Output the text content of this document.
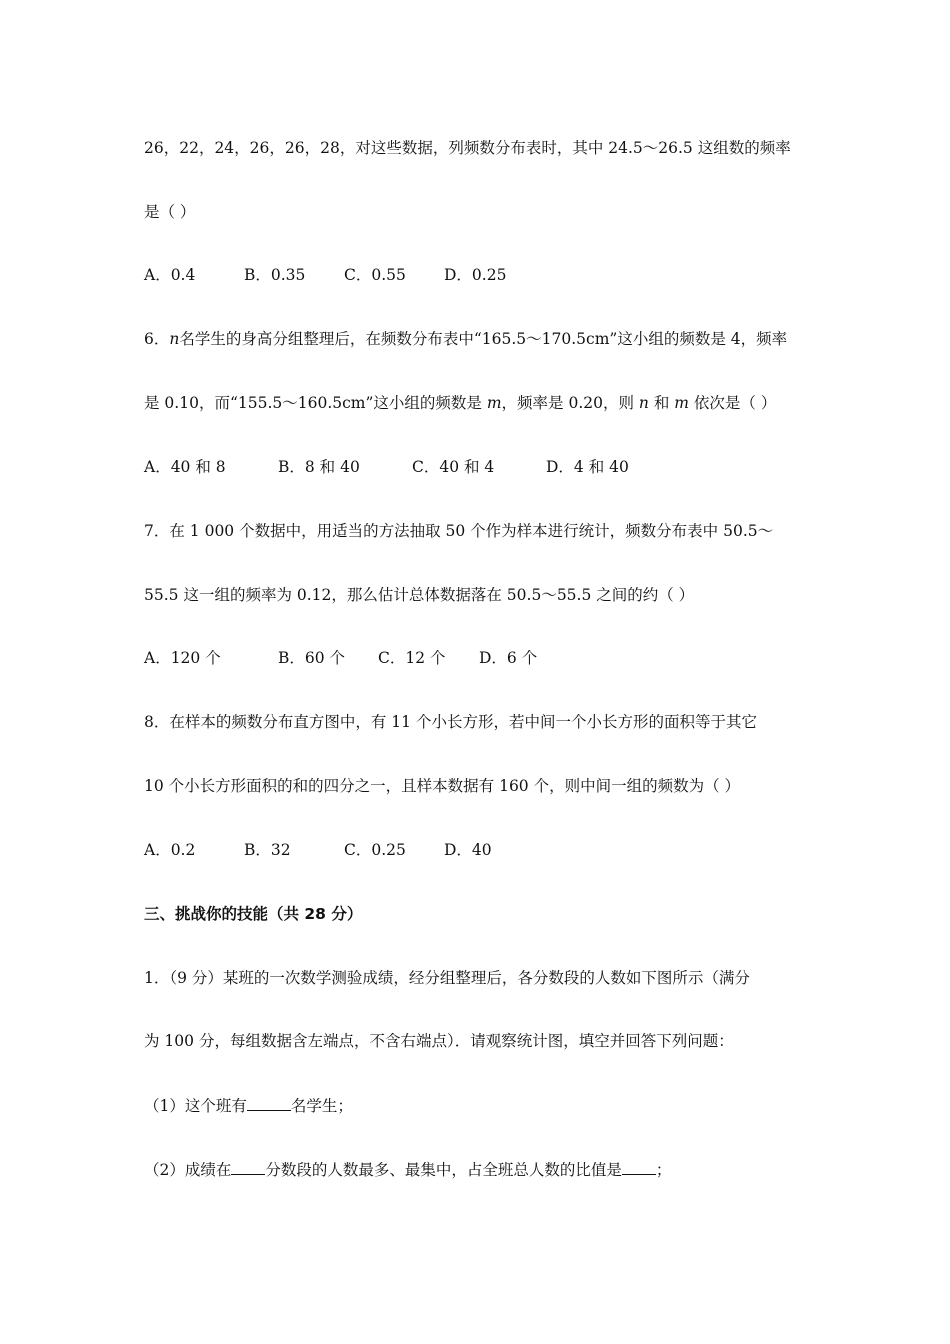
26，22，24，26，26，28，对这些数据，列频数分布表时，其中 24.5～26.5 这组数的频率
是（ ）
A．0.4	B．0.35 C．0.55 D．0.25
6．n名学生的身高分组整理后，在频数分布表中“165.5～170.5cm”这小组的频数是 4，频率
是 0.10，而“155.5～160.5cm”这小组的频数是 m，频率是 0.20，则 n 和 m 依次是（ ）
A．40 和 8	B．8 和 40	C．40 和 4	D．4 和 40
7．在 1 000 个数据中，用适当的方法抽取 50 个作为样本进行统计，频数分布表中 50.5～
55.5 这一组的频率为 0.12，那么估计总体数据落在 50.5～55.5 之间的约（ ）
A．120 个	B．60 个 C．12 个 D．6 个
8．在样本的频数分布直方图中，有 11 个小长方形，若中间一个小长方形的面积等于其它
10 个小长方形面积的和的四分之一，且样本数据有 160 个，则中间一组的频数为（ ）
A．0.2	B．32	C．0.25 D．40
三、挑战你的技能（共 28 分）
1．（9 分）某班的一次数学测验成绩，经分组整理后，各分数段的人数如下图所示（满分
为 100 分，每组数据含左端点，不含右端点）．请观察统计图，填空并回答下列问题：
（1）这个班有	名学生；
（2）成绩在 分数段的人数最多、最集中，占全班总人数的比值是 ；
